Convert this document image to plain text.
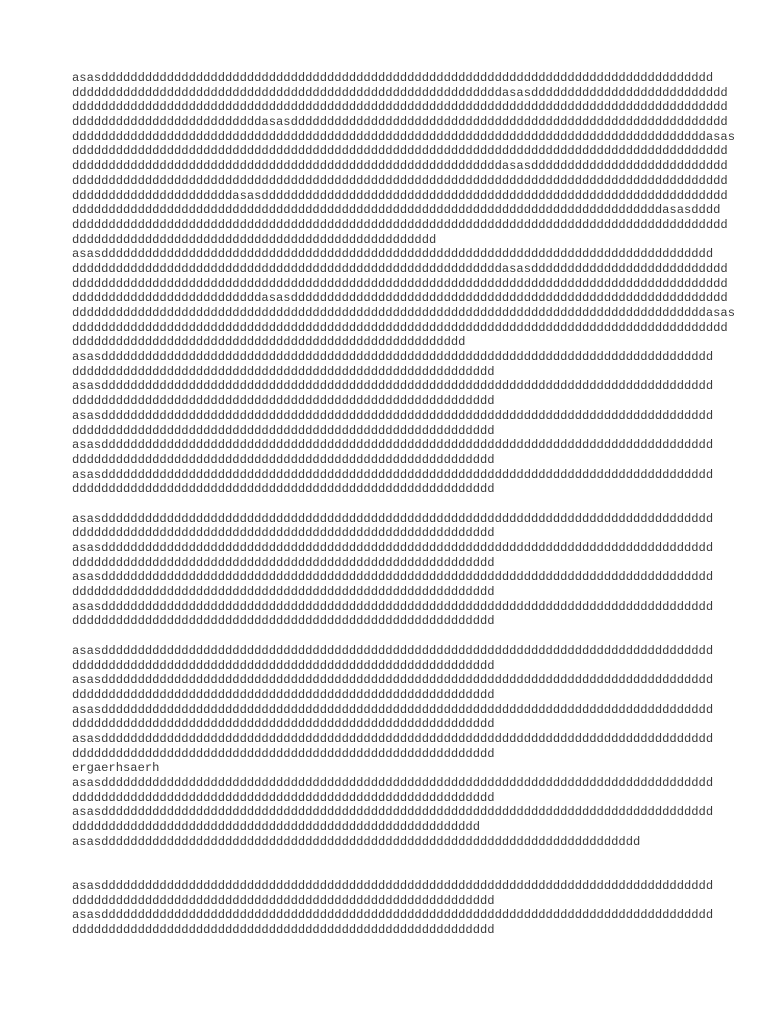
asasdddddddddddddddddddddddddddddddddddddddddddddddddddddddddddddddddddddddddddddddddddd
dddddddddddddddddddddddddddddddddddddddddddddddddddddddddddasasddddddddddddddddddddddddddd
dddddddddddddddddddddddddddddddddddddddddddddddddddddddddddddddddddddddddddddddddddddddddd
ddddddddddddddddddddddddddasasdddddddddddddddddddddddddddddddddddddddddddddddddddddddddddd
dddddddddddddddddddddddddddddddddddddddddddddddddddddddddddddddddddddddddddddddddddddddasas
dddddddddddddddddddddddddddddddddddddddddddddddddddddddddddddddddddddddddddddddddddddddddd
dddddddddddddddddddddddddddddddddddddddddddddddddddddddddddasasddddddddddddddddddddddddddd
dddddddddddddddddddddddddddddddddddddddddddddddddddddddddddddddddddddddddddddddddddddddddd
ddddddddddddddddddddddasasdddddddddddddddddddddddddddddddddddddddddddddddddddddddddddddddd
dddddddddddddddddddddddddddddddddddddddddddddddddddddddddddddddddddddddddddddddddasasdddd
dddddddddddddddddddddddddddddddddddddddddddddddddddddddddddddddddddddddddddddddddddddddddd
dddddddddddddddddddddddddddddddddddddddddddddddddd
asasdddddddddddddddddddddddddddddddddddddddddddddddddddddddddddddddddddddddddddddddddddd
dddddddddddddddddddddddddddddddddddddddddddddddddddddddddddasasddddddddddddddddddddddddddd
dddddddddddddddddddddddddddddddddddddddddddddddddddddddddddddddddddddddddddddddddddddddddd
ddddddddddddddddddddddddddasasdddddddddddddddddddddddddddddddddddddddddddddddddddddddddddd
dddddddddddddddddddddddddddddddddddddddddddddddddddddddddddddddddddddddddddddddddddddddasas
dddddddddddddddddddddddddddddddddddddddddddddddddddddddddddddddddddddddddddddddddddddddddd
dddddddddddddddddddddddddddddddddddddddddddddddddddddd
asasdddddddddddddddddddddddddddddddddddddddddddddddddddddddddddddddddddddddddddddddddddd
dddddddddddddddddddddddddddddddddddddddddddddddddddddddddd
asasdddddddddddddddddddddddddddddddddddddddddddddddddddddddddddddddddddddddddddddddddddd
dddddddddddddddddddddddddddddddddddddddddddddddddddddddddd
asasdddddddddddddddddddddddddddddddddddddddddddddddddddddddddddddddddddddddddddddddddddd
dddddddddddddddddddddddddddddddddddddddddddddddddddddddddd
asasdddddddddddddddddddddddddddddddddddddddddddddddddddddddddddddddddddddddddddddddddddd
dddddddddddddddddddddddddddddddddddddddddddddddddddddddddd
asasdddddddddddddddddddddddddddddddddddddddddddddddddddddddddddddddddddddddddddddddddddd
dddddddddddddddddddddddddddddddddddddddddddddddddddddddddd
asasdddddddddddddddddddddddddddddddddddddddddddddddddddddddddddddddddddddddddddddddddddd
dddddddddddddddddddddddddddddddddddddddddddddddddddddddddd
asasdddddddddddddddddddddddddddddddddddddddddddddddddddddddddddddddddddddddddddddddddddd
dddddddddddddddddddddddddddddddddddddddddddddddddddddddddd
asasdddddddddddddddddddddddddddddddddddddddddddddddddddddddddddddddddddddddddddddddddddd
dddddddddddddddddddddddddddddddddddddddddddddddddddddddddd
asasdddddddddddddddddddddddddddddddddddddddddddddddddddddddddddddddddddddddddddddddddddd
dddddddddddddddddddddddddddddddddddddddddddddddddddddddddd
asasdddddddddddddddddddddddddddddddddddddddddddddddddddddddddddddddddddddddddddddddddddd
dddddddddddddddddddddddddddddddddddddddddddddddddddddddddd
asasdddddddddddddddddddddddddddddddddddddddddddddddddddddddddddddddddddddddddddddddddddd
dddddddddddddddddddddddddddddddddddddddddddddddddddddddddd
asasdddddddddddddddddddddddddddddddddddddddddddddddddddddddddddddddddddddddddddddddddddd
dddddddddddddddddddddddddddddddddddddddddddddddddddddddddd
asasdddddddddddddddddddddddddddddddddddddddddddddddddddddddddddddddddddddddddddddddddddd
dddddddddddddddddddddddddddddddddddddddddddddddddddddddddd
ergaerhsaerh
asasdddddddddddddddddddddddddddddddddddddddddddddddddddddddddddddddddddddddddddddddddddd
dddddddddddddddddddddddddddddddddddddddddddddddddddddddddd
asasdddddddddddddddddddddddddddddddddddddddddddddddddddddddddddddddddddddddddddddddddddd
dddddddddddddddddddddddddddddddddddddddddddddddddddddddd
asasdddddddddddddddddddddddddddddddddddddddddddddddddddddddddddddddddddddddddd
asasdddddddddddddddddddddddddddddddddddddddddddddddddddddddddddddddddddddddddddddddddddd
dddddddddddddddddddddddddddddddddddddddddddddddddddddddddd
asasdddddddddddddddddddddddddddddddddddddddddddddddddddddddddddddddddddddddddddddddddddd
dddddddddddddddddddddddddddddddddddddddddddddddddddddddddd
